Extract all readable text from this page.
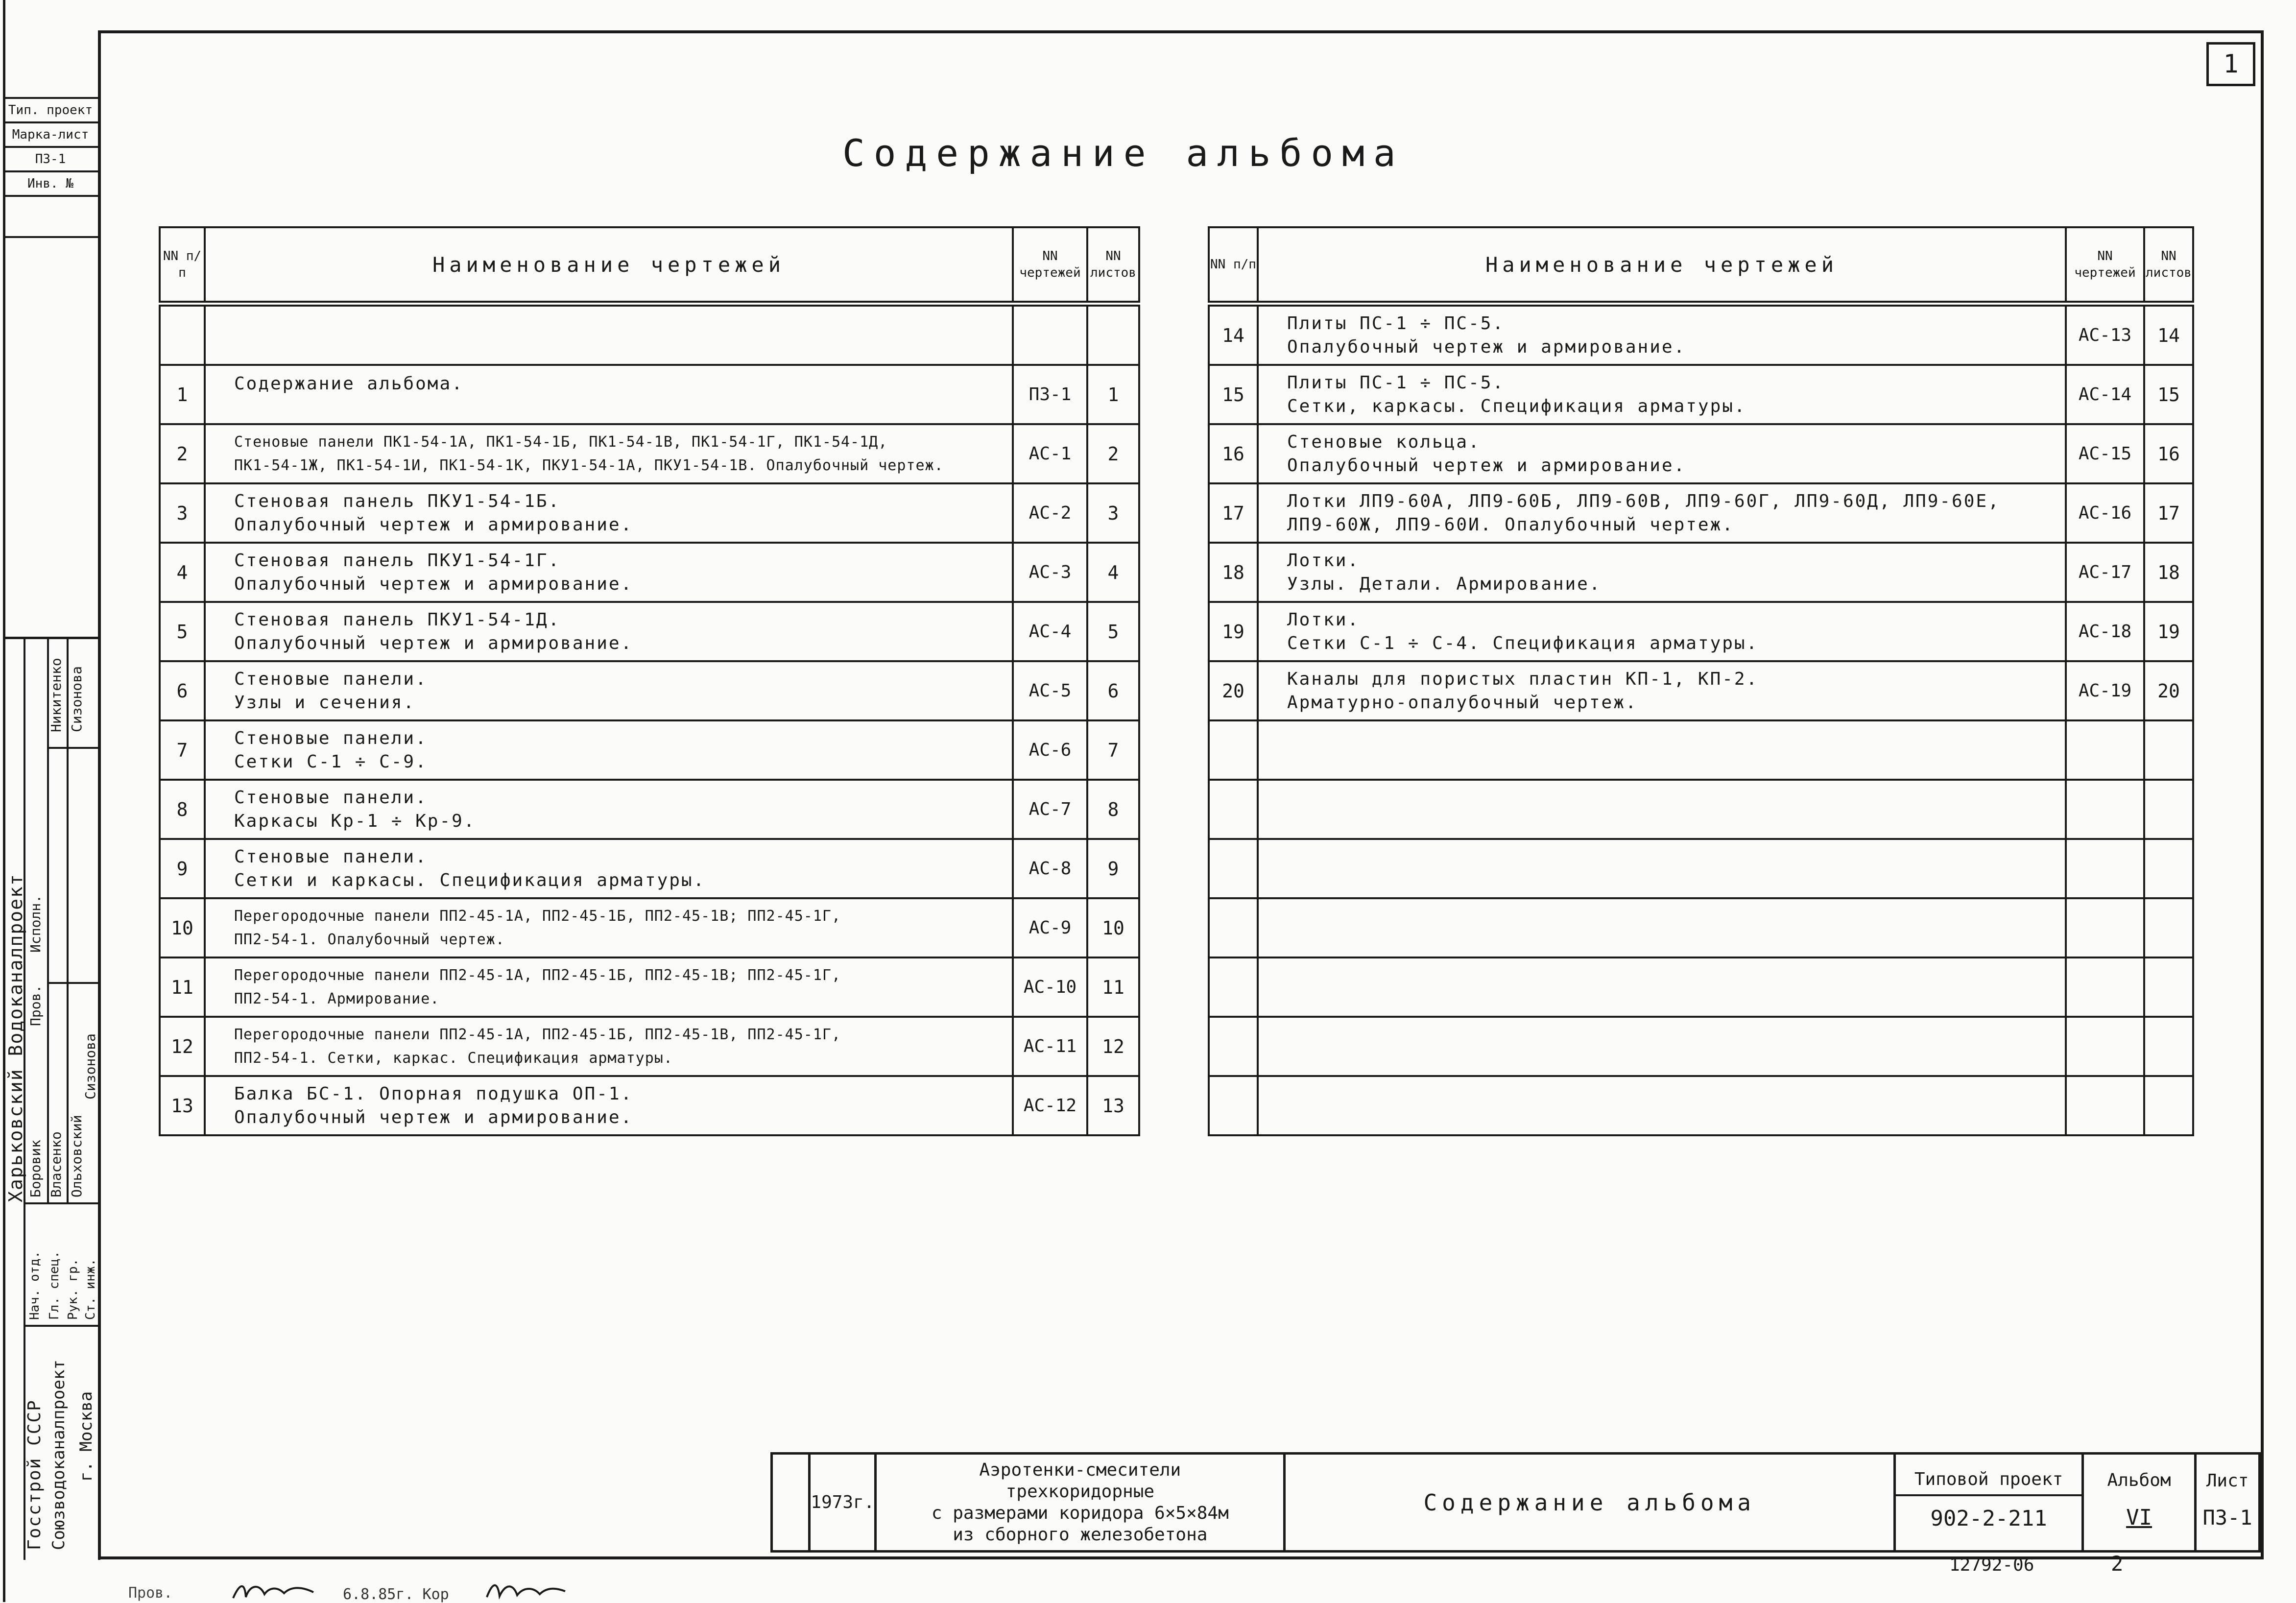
1
Содержание альбома
Тип. проект
Марка-лист
ПЗ-1
Инв. №
Харьковский Водоканалпроект Исполн.
Пров.
Никитенко Сизонова
Боровик Власенко Ольховский
Сизонова
Нач. отд. Гл. спец. Рук. гр. Ст. инж.
Госстрой СССР Союзводоканалпроект г. Москва
NN п/п	Наименование чертежей	NN чертежей	NN листов

1	Содержание альбома.	ПЗ-1	1
2	Стеновые панели ПК1-54-1А, ПК1-54-1Б, ПК1-54-1В, ПК1-54-1Г, ПК1-54-1Д,
ПК1-54-1Ж, ПК1-54-1И, ПК1-54-1К, ПКУ1-54-1А, ПКУ1-54-1В. Опалубочный чертеж.	АС-1	2
3	Стеновая панель ПКУ1-54-1Б.
Опалубочный чертеж и армирование.	АС-2	3
4	Стеновая панель ПКУ1-54-1Г.
Опалубочный чертеж и армирование.	АС-3	4
5	Стеновая панель ПКУ1-54-1Д.
Опалубочный чертеж и армирование.	АС-4	5
6	Стеновые панели.
Узлы и сечения.	АС-5	6
7	Стеновые панели.
Сетки С-1 ÷ С-9.	АС-6	7
8	Стеновые панели.
Каркасы Кр-1 ÷ Кр-9.	АС-7	8
9	Стеновые панели.
Сетки и каркасы. Спецификация арматуры.	АС-8	9
10	Перегородочные панели ПП2-45-1А, ПП2-45-1Б, ПП2-45-1В; ПП2-45-1Г,
ПП2-54-1. Опалубочный чертеж.	АС-9	10
11	Перегородочные панели ПП2-45-1А, ПП2-45-1Б, ПП2-45-1В; ПП2-45-1Г,
ПП2-54-1. Армирование.	АС-10	11
12	Перегородочные панели ПП2-45-1А, ПП2-45-1Б, ПП2-45-1В, ПП2-45-1Г,
ПП2-54-1. Сетки, каркас. Спецификация арматуры.	АС-11	12
13	Балка БС-1. Опорная подушка ОП-1.
Опалубочный чертеж и армирование.	АС-12	13
NN п/п	Наименование чертежей	NN чертежей	NN листов
14	Плиты ПС-1 ÷ ПС-5.
Опалубочный чертеж и армирование.	АС-13	14
15	Плиты ПС-1 ÷ ПС-5.
Сетки, каркасы. Спецификация арматуры.	АС-14	15
16	Стеновые кольца.
Опалубочный чертеж и армирование.	АС-15	16
17	Лотки ЛП9-60А, ЛП9-60Б, ЛП9-60В, ЛП9-60Г, ЛП9-60Д, ЛП9-60Е,
ЛП9-60Ж, ЛП9-60И. Опалубочный чертеж.	АС-16	17
18	Лотки.
Узлы. Детали. Армирование.	АС-17	18
19	Лотки.
Сетки С-1 ÷ С-4. Спецификация арматуры.	АС-18	19
20	Каналы для пористых пластин КП-1, КП-2.
Арматурно-опалубочный чертеж.	АС-19	20

	1973г.	
Аэротенки-смесители
трехкоридорные
с размерами коридора 6×5×84м
из сборного железобетона
	Содержание альбома	
Типовой проект
902-2-211

Альбом
VI

Лист
ПЗ-1
12792-06	2
Пров.	6.8.85г. Кор
